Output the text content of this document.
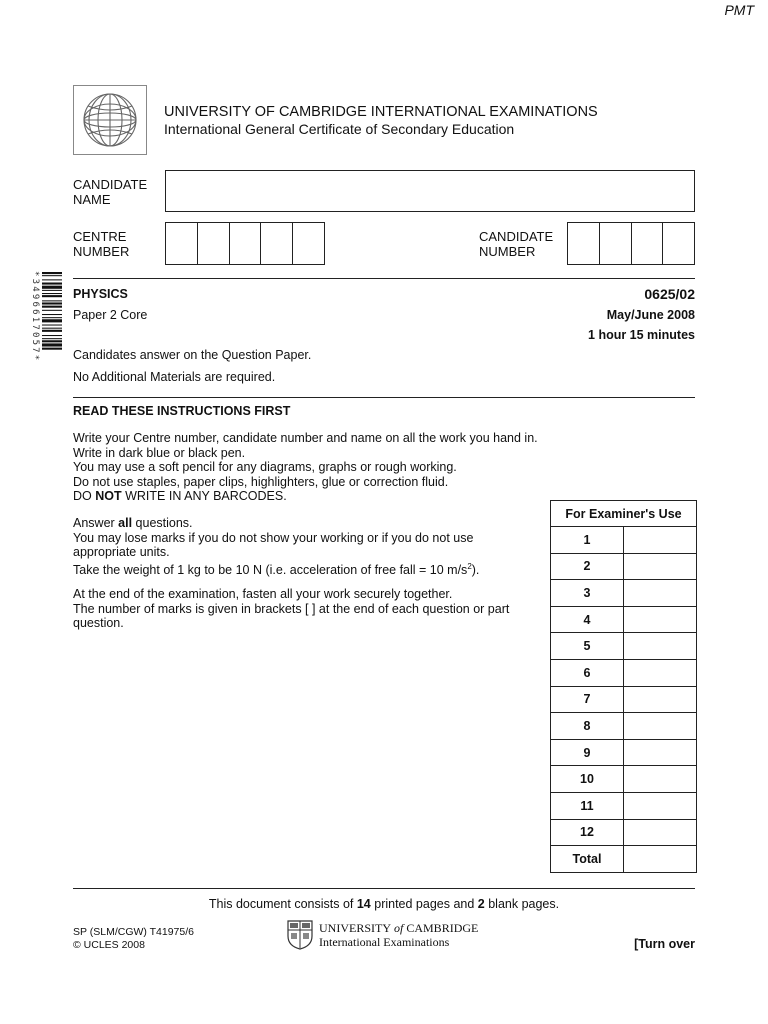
PMT
UNIVERSITY OF CAMBRIDGE INTERNATIONAL EXAMINATIONS
International General Certificate of Secondary Education
CANDIDATE
NAME
CENTRE
NUMBER
CANDIDATE
NUMBER
*3496617057*	PHYSICS	0625/02
Paper 2 Core	May/June 2008
1 hour 15 minutes
Candidates answer on the Question Paper.
No Additional Materials are required.
READ THESE INSTRUCTIONS FIRST

Write your Centre number, candidate number and name on all the work you hand in.

Write in dark blue or black pen.

You may use a soft pencil for any diagrams, graphs or rough working.

Do not use staples, paper clips, highlighters, glue or correction fluid.

DO NOT WRITE IN ANY BARCODES.

Answer all questions.

You may lose marks if you do not show your working or if you do not use

appropriate units.

Take the weight of 1 kg to be 10 N (i.e. acceleration of free fall = 10 $m/s^2$).

At the end of the examination, fasten all your work securely together.

The number of marks is given in brackets [ ] at the end of each question or part

question.

For Examiner's Use	
1	
2	
3	
4	
5	
6	
7	
8	
9	
10	
11	
12	
Total	
This document consists of 14 printed pages and 2 blank pages.
SP (SLM/CGW) T41975/6
© UCLES 2008
UNIVERSITY of CAMBRIDGE
International Examinations	[Turn over
